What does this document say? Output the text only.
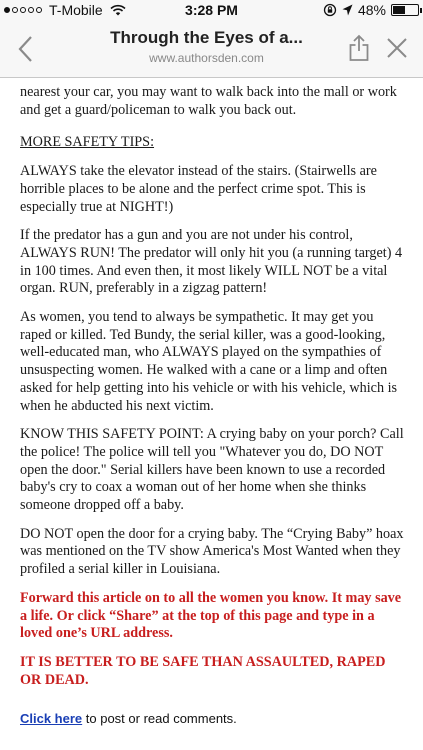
T-Mobile	3:28 PM	48%
Through the Eyes of a...
www.authorsden.com

nearest your car, you may want to walk back into the mall or work and get a guard/policeman to walk you back out.

MORE SAFETY TIPS:

ALWAYS take the elevator instead of the stairs. (Stairwells are horrible places to be alone and the perfect crime spot. This is especially true at NIGHT!)

If the predator has a gun and you are not under his control, ALWAYS RUN! The predator will only hit you (a running target) 4 in 100 times. And even then, it most likely WILL NOT be a vital organ. RUN, preferably in a zigzag pattern!

As women, you tend to always be sympathetic. It may get you raped or killed. Ted Bundy, the serial killer, was a good-looking, well-educated man, who ALWAYS played on the sympathies of unsuspecting women. He walked with a cane or a limp and often asked for help getting into his vehicle or with his vehicle, which is when he abducted his next victim.

KNOW THIS SAFETY POINT: A crying baby on your porch? Call the police! The police will tell you "Whatever you do, DO NOT open the door." Serial killers have been known to use a recorded baby's cry to coax a woman out of her home when she thinks someone dropped off a baby.

DO NOT open the door for a crying baby. The “Crying Baby” hoax was mentioned on the TV show America's Most Wanted when they profiled a serial killer in Louisiana.

Forward this article on to all the women you know. It may save a life. Or click “Share” at the top of this page and type in a loved one’s URL address.

IT IS BETTER TO BE SAFE THAN ASSAULTED, RAPED OR DEAD.

Click here to post or read comments.
